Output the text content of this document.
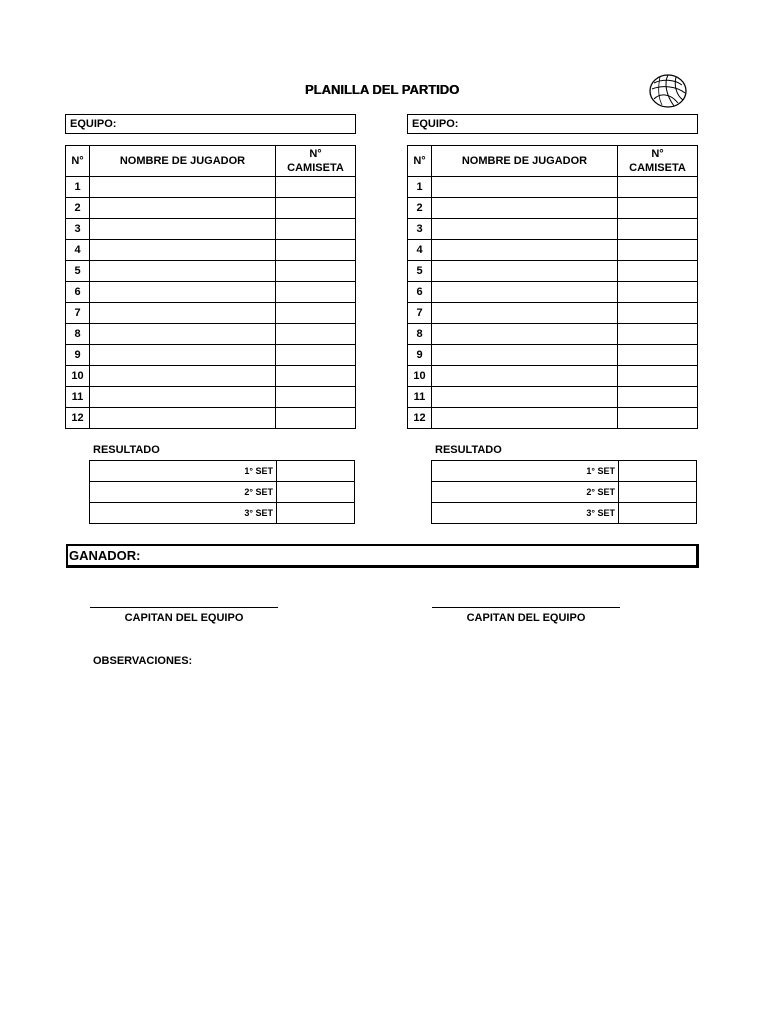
PLANILLA DEL PARTIDO
EQUIPO:
N°	NOMBRE DE JUGADOR	N°
CAMISETA

1		
2		
3		
4		
5		
6		
7		
8		
9		
10		
11		
12		
RESULTADO
1° SET	
2° SET	
3° SET	
CAPITAN DEL EQUIPO
EQUIPO:
N°	NOMBRE DE JUGADOR	N°
CAMISETA

1		
2		
3		
4		
5		
6		
7		
8		
9		
10		
11		
12		
RESULTADO
1° SET	
2° SET	
3° SET	
CAPITAN DEL EQUIPO
GANADOR:
OBSERVACIONES:
